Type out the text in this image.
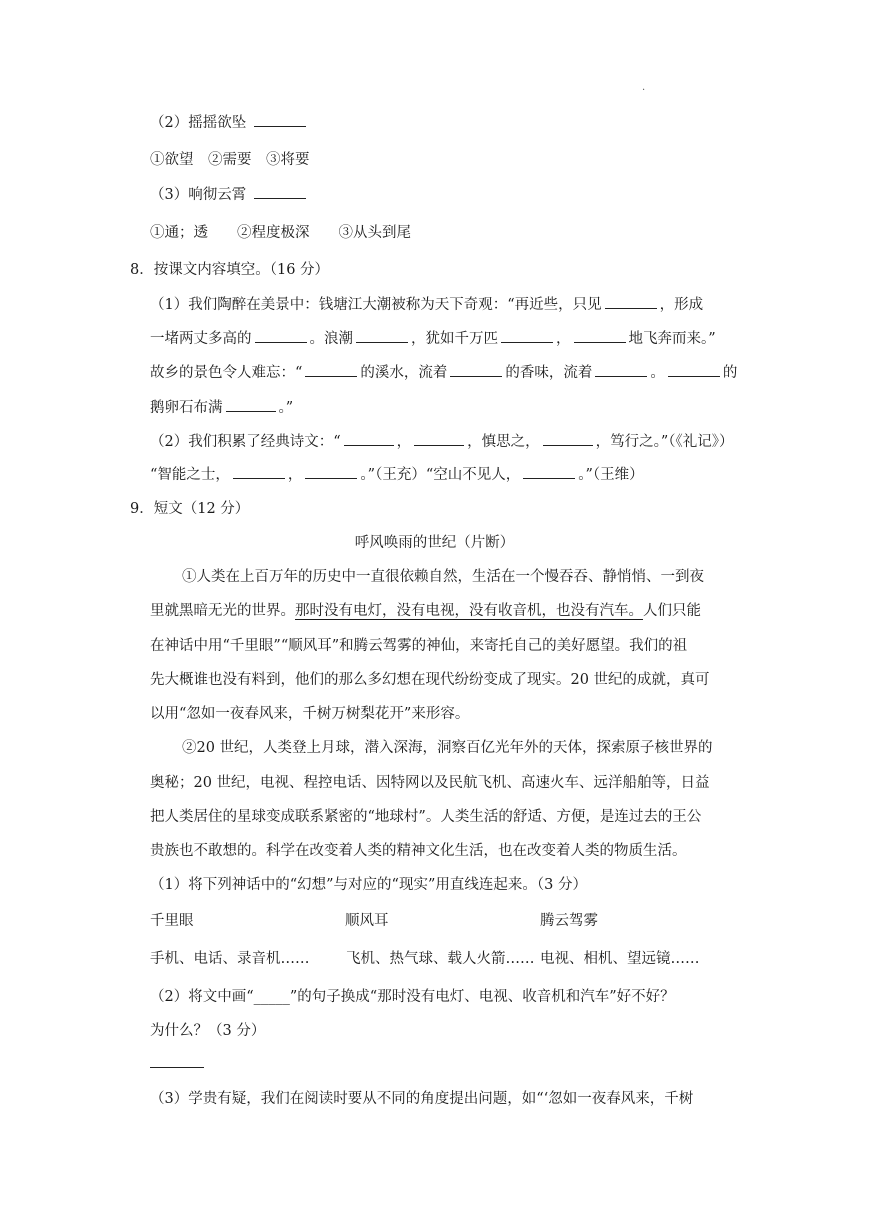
.
（2）摇摇欲坠
①欲望　②需要　③将要
（3）响彻云霄
①通；透　　②程度极深　　③从头到尾
8．按课文内容填空。（16 分）
（1）我们陶醉在美景中：钱塘江大潮被称为天下奇观：“再近些，只见	，形成
一堵两丈多高的	。浪潮	，犹如千万匹	，	地飞奔而来。”
故乡的景色令人难忘：“	的溪水，流着	的香味，流着	。	的
鹅卵石布满	。”
（2）我们积累了经典诗文：“	，	，慎思之，	，笃行之。”（《礼记》）
“智能之士，	，	。”（王充）“空山不见人，	。”（王维）
9．短文（12 分）
呼风唤雨的世纪（片断）
①人类在上百万年的历史中一直很依赖自然，生活在一个慢吞吞、静悄悄、一到夜
里就黑暗无光的世界。那时没有电灯，没有电视，没有收音机，也没有汽车。人们只能
在神话中用“千里眼”“顺风耳”和腾云驾雾的神仙，来寄托自己的美好愿望。我们的祖
先大概谁也没有料到，他们的那么多幻想在现代纷纷变成了现实。20 世纪的成就，真可
以用“忽如一夜春风来，千树万树梨花开”来形容。
②20 世纪，人类登上月球，潜入深海，洞察百亿光年外的天体，探索原子核世界的
奥秘；20 世纪，电视、程控电话、因特网以及民航飞机、高速火车、远洋船舶等，日益
把人类居住的星球变成联系紧密的“地球村”。人类生活的舒适、方便，是连过去的王公
贵族也不敢想的。科学在改变着人类的精神文化生活，也在改变着人类的物质生活。
（1）将下列神话中的“幻想”与对应的“现实”用直线连起来。（3 分）
千里眼	顺风耳	腾云驾雾
手机、电话、录音机……	飞机、热气球、载人火箭…… 电视、相机、望远镜……
（2）将文中画“_____”的句子换成“那时没有电灯、电视、收音机和汽车”好不好？
为什么？（3 分）
（3）学贵有疑，我们在阅读时要从不同的角度提出问题，如“‘忽如一夜春风来，千树
